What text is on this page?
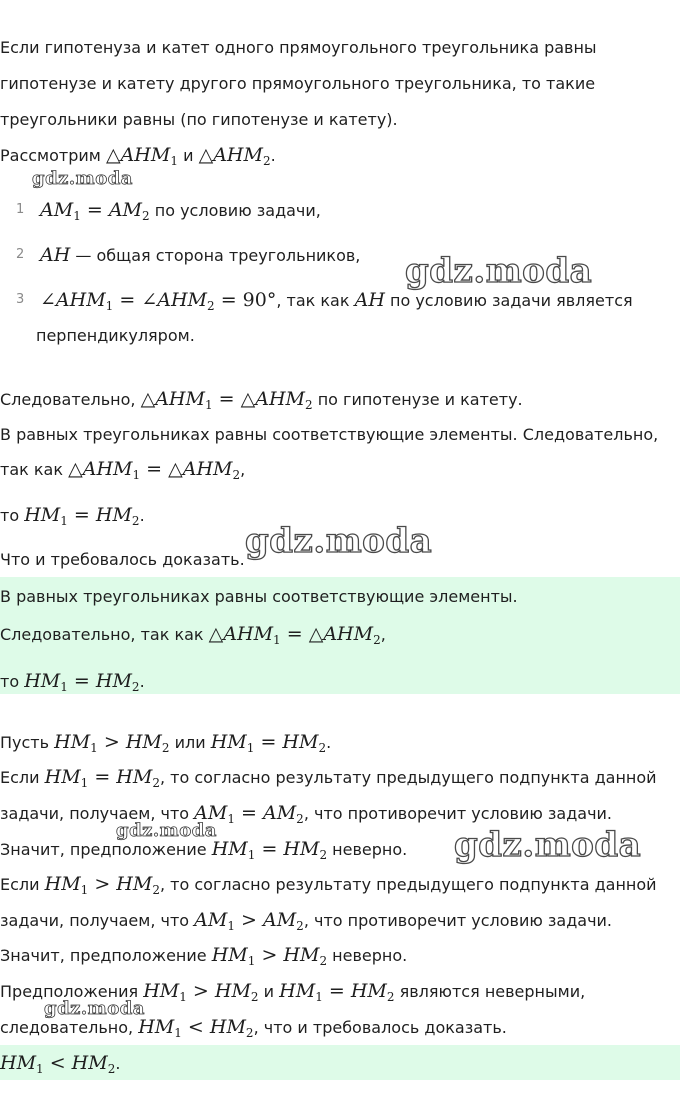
Если гипотенуза и катет одного прямоугольного треугольника равны
гипотенузе и катету другого прямоугольного треугольника, то такие
треугольники равны (по гипотенузе и катету).
Рассмотрим $\triangle AHM_1$ и $\triangle AHM_2$.
gdz.moda
1 $AM_1 = AM_2$ по условию задачи,
2 AH — общая сторона треугольников, gdz.moda
3 $\angle AHM_1$ = $\angle AHM_2 = 90^\circ$, так как AH по условию задачи является
перпендикуляром.
Следовательно, $\triangle AHM_1$ = $\triangle AHM_2$ по гипотенузе и катету.
В равных треугольниках равны соответствующие элементы. Следовательно,
так как $\triangle AHM_1$ = $\triangle AHM_2$,
то $HM_1 = HM_2$.
Что и требовалось доказать. gdz.moda
В равных треугольниках равны соответствующие элементы.
Следовательно, так как $\triangle AHM_1$ = $\triangle AHM_2$,
то $HM_1 = HM_2$.
Пусть $HM_1 > HM_2$ или $HM_1 = HM_2$.
Если $HM_1 = HM_2$, то согласно результату предыдущего подпункта данной
задачи, получаем, что $AM_1 = AM_2$, что противоречит условию задачи.
gdz.moda
Значит, предположение $HM_1 = HM_2$ неверно. gdz.moda
Если $HM_1 > HM_2$, то согласно результату предыдущего подпункта данной
задачи, получаем, что $AM_1 > AM_2$, что противоречит условию задачи.
Значит, предположение $HM_1 > HM_2$ неверно.
Предположения $HM_1 > HM_2$ и $HM_1 = HM_2$ являются неверными,
gdz.moda
следовательно, $HM_1 < HM_2$, что и требовалось доказать.
$HM_1 < HM_2$.
